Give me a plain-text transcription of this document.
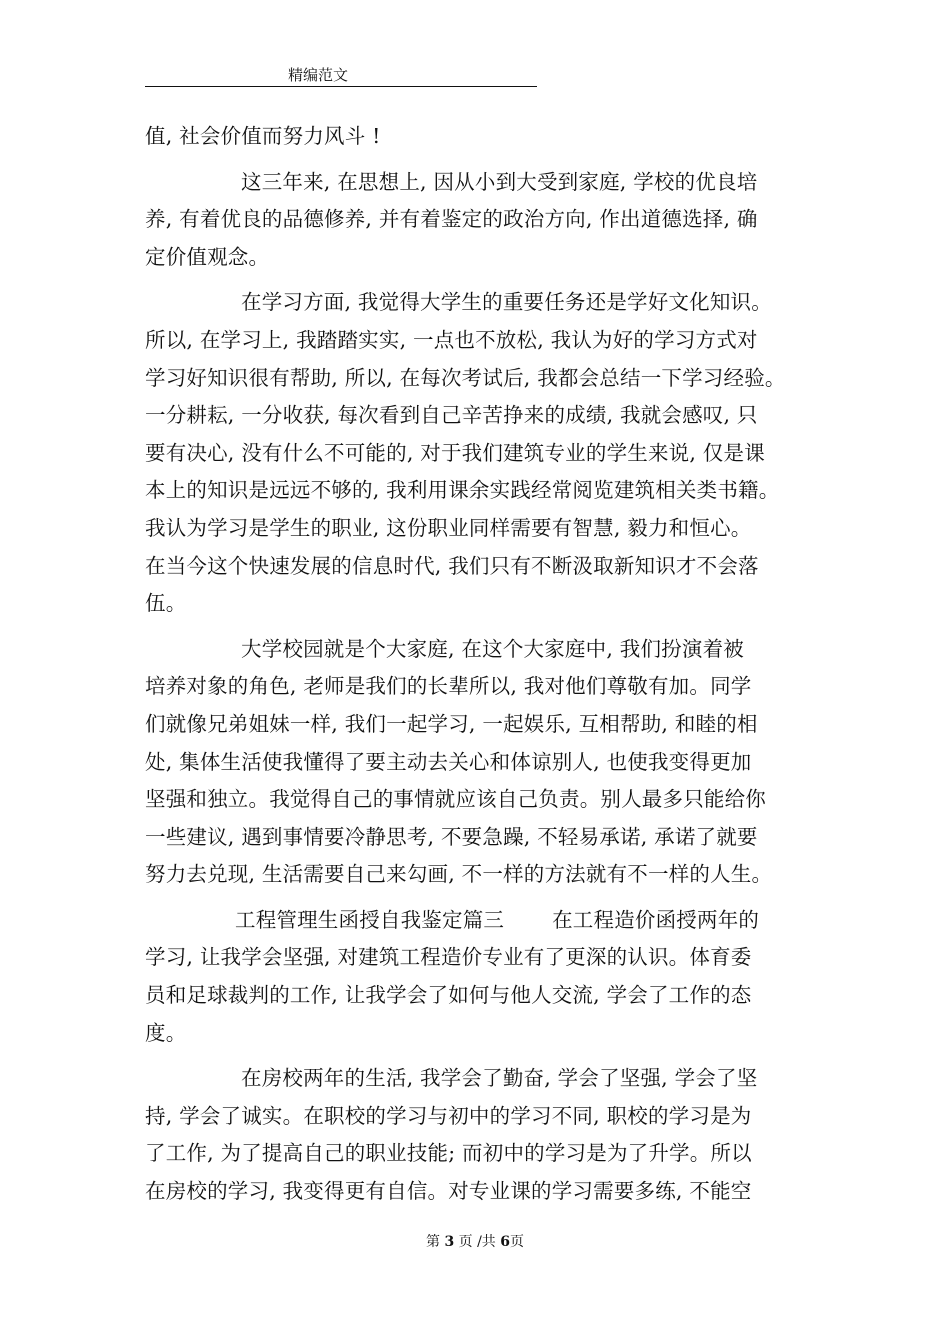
精编范文
值, 社会价值而努力风斗 !
这三年来, 在思想上, 因从小到大受到家庭, 学校的优良培
养, 有着优良的品德修养, 并有着鉴定的政治方向, 作出道德选择, 确
定价值观念。
在学习方面, 我觉得大学生的重要任务还是学好文化知识。
所以, 在学习上, 我踏踏实实, 一点也不放松, 我认为好的学习方式对
学习好知识很有帮助, 所以, 在每次考试后, 我都会总结一下学习经验。
一分耕耘, 一分收获, 每次看到自己辛苦挣来的成绩, 我就会感叹, 只
要有决心, 没有什么不可能的, 对于我们建筑专业的学生来说, 仅是课
本上的知识是远远不够的, 我利用课余实践经常阅览建筑相关类书籍。
我认为学习是学生的职业, 这份职业同样需要有智慧, 毅力和恒心。
在当今这个快速发展的信息时代, 我们只有不断汲取新知识才不会落
伍。
大学校园就是个大家庭, 在这个大家庭中, 我们扮演着被
培养对象的角色, 老师是我们的长辈所以, 我对他们尊敬有加。同学
们就像兄弟姐妹一样, 我们一起学习, 一起娱乐, 互相帮助, 和睦的相
处, 集体生活使我懂得了要主动去关心和体谅别人, 也使我变得更加
坚强和独立。我觉得自己的事情就应该自己负责。别人最多只能给你
一些建议, 遇到事情要冷静思考, 不要急躁, 不轻易承诺, 承诺了就要
努力去兑现, 生活需要自己来勾画, 不一样的方法就有不一样的人生。
工程管理生函授自我鉴定篇三 在工程造价函授两年的
学习, 让我学会坚强, 对建筑工程造价专业有了更深的认识。体育委
员和足球裁判的工作, 让我学会了如何与他人交流, 学会了工作的态
度。
在房校两年的生活, 我学会了勤奋, 学会了坚强, 学会了坚
持, 学会了诚实。在职校的学习与初中的学习不同, 职校的学习是为
了工作, 为了提高自己的职业技能; 而初中的学习是为了升学。所以
在房校的学习, 我变得更有自信。对专业课的学习需要多练, 不能空
第 3 页 /共 6页
